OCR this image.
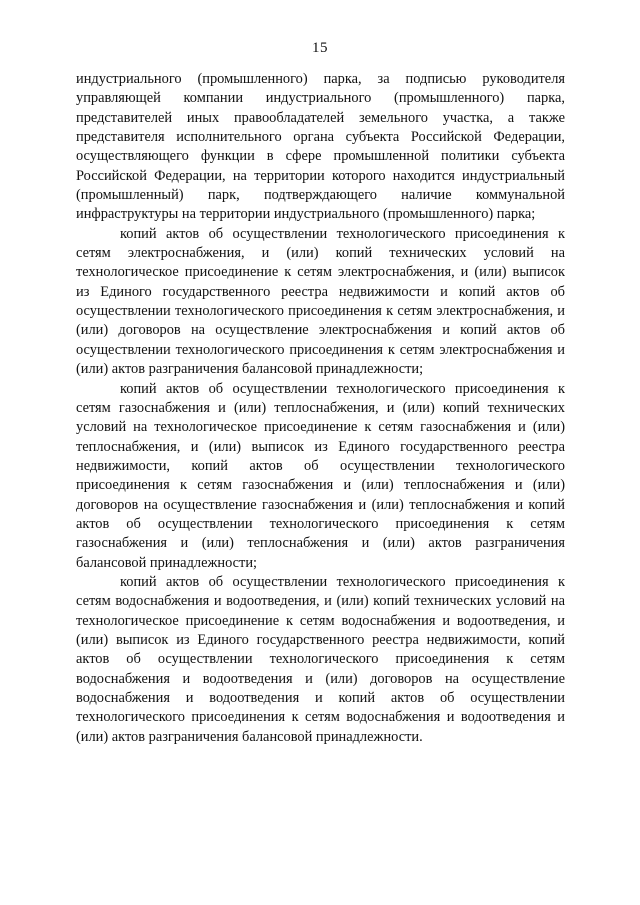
15

индустриального (промышленного) парка, за подписью руководителя управляющей компании индустриального (промышленного) парка, представителей иных правообладателей земельного участка, а также представителя исполнительного органа субъекта Российской Федерации, осуществляющего функции в сфере промышленной политики субъекта Российской Федерации, на территории которого находится индустриальный (промышленный) парк, подтверждающего наличие коммунальной инфраструктуры на территории индустриального (промышленного) парка;

копий актов об осуществлении технологического присоединения к сетям электроснабжения, и (или) копий технических условий на технологическое присоединение к сетям электроснабжения, и (или) выписок из Единого государственного реестра недвижимости и копий актов об осуществлении технологического присоединения к сетям электроснабжения, и (или) договоров на осуществление электроснабжения и копий актов об осуществлении технологического присоединения к сетям электроснабжения и (или) актов разграничения балансовой принадлежности;

копий актов об осуществлении технологического присоединения к сетям газоснабжения и (или) теплоснабжения, и (или) копий технических условий на технологическое присоединение к сетям газоснабжения и (или) теплоснабжения, и (или) выписок из Единого государственного реестра недвижимости, копий актов об осуществлении технологического присоединения к сетям газоснабжения и (или) теплоснабжения и (или) договоров на осуществление газоснабжения и (или) теплоснабжения и копий актов об осуществлении технологического присоединения к сетям газоснабжения и (или) теплоснабжения и (или) актов разграничения балансовой принадлежности;

копий актов об осуществлении технологического присоединения к сетям водоснабжения и водоотведения, и (или) копий технических условий на технологическое присоединение к сетям водоснабжения и водоотведения, и (или) выписок из Единого государственного реестра недвижимости, копий актов об осуществлении технологического присоединения к сетям водоснабжения и водоотведения и (или) договоров на осуществление водоснабжения и водоотведения и копий актов об осуществлении технологического присоединения к сетям водоснабжения и водоотведения и (или) актов разграничения балансовой принадлежности.
